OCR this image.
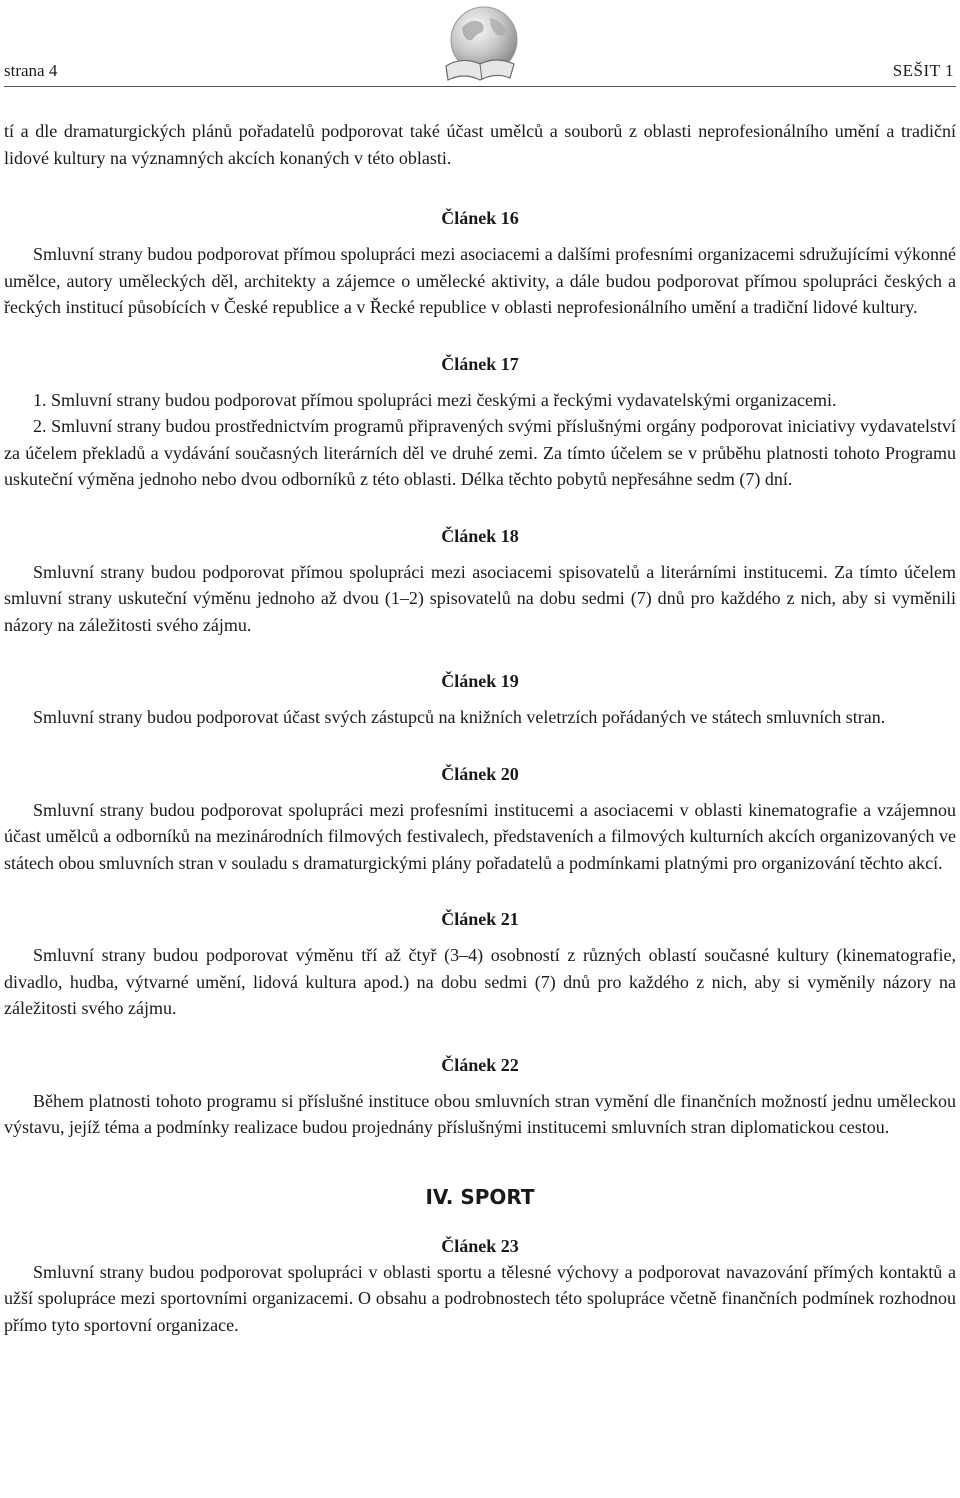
strana 4	SEŠIT 1

tí a dle dramaturgických plánů pořadatelů podporovat také účast umělců a souborů z oblasti neprofesionálního umění a tradiční lidové kultury na významných akcích konaných v této oblasti.

Článek 16

Smluvní strany budou podporovat přímou spolupráci mezi asociacemi a dalšími profesními organizacemi sdružujícími výkonné umělce, autory uměleckých děl, architekty a zájemce o umělecké aktivity, a dále budou podporovat přímou spolupráci českých a řeckých institucí působících v České republice a v Řecké republice v oblasti neprofesionálního umění a tradiční lidové kultury.

Článek 17

1. Smluvní strany budou podporovat přímou spolupráci mezi českými a řeckými vydavatelskými organizacemi.

2. Smluvní strany budou prostřednictvím programů připravených svými příslušnými orgány podporovat iniciativy vydavatelství za účelem překladů a vydávání současných literárních děl ve druhé zemi. Za tímto účelem se v průběhu platnosti tohoto Programu uskuteční výměna jednoho nebo dvou odborníků z této oblasti. Délka těchto pobytů nepřesáhne sedm (7) dní.

Článek 18

Smluvní strany budou podporovat přímou spolupráci mezi asociacemi spisovatelů a literárními institucemi. Za tímto účelem smluvní strany uskuteční výměnu jednoho až dvou (1–2) spisovatelů na dobu sedmi (7) dnů pro každého z nich, aby si vyměnili názory na záležitosti svého zájmu.

Článek 19

Smluvní strany budou podporovat účast svých zástupců na knižních veletrzích pořádaných ve státech smluvních stran.

Článek 20

Smluvní strany budou podporovat spolupráci mezi profesními institucemi a asociacemi v oblasti kinematografie a vzájemnou účast umělců a odborníků na mezinárodních filmových festivalech, představeních a filmových kulturních akcích organizovaných ve státech obou smluvních stran v souladu s dramaturgickými plány pořadatelů a podmínkami platnými pro organizování těchto akcí.

Článek 21

Smluvní strany budou podporovat výměnu tří až čtyř (3–4) osobností z různých oblastí současné kultury (kinematografie, divadlo, hudba, výtvarné umění, lidová kultura apod.) na dobu sedmi (7) dnů pro každého z nich, aby si vyměnily názory na záležitosti svého zájmu.

Článek 22

Během platnosti tohoto programu si příslušné instituce obou smluvních stran vymění dle finančních možností jednu uměleckou výstavu, jejíž téma a podmínky realizace budou projednány příslušnými institucemi smluvních stran diplomatickou cestou.

IV. SPORT
Článek 23

Smluvní strany budou podporovat spolupráci v oblasti sportu a tělesné výchovy a podporovat navazování přímých kontaktů a užší spolupráce mezi sportovními organizacemi. O obsahu a podrobnostech této spolupráce včetně finančních podmínek rozhodnou přímo tyto sportovní organizace.
